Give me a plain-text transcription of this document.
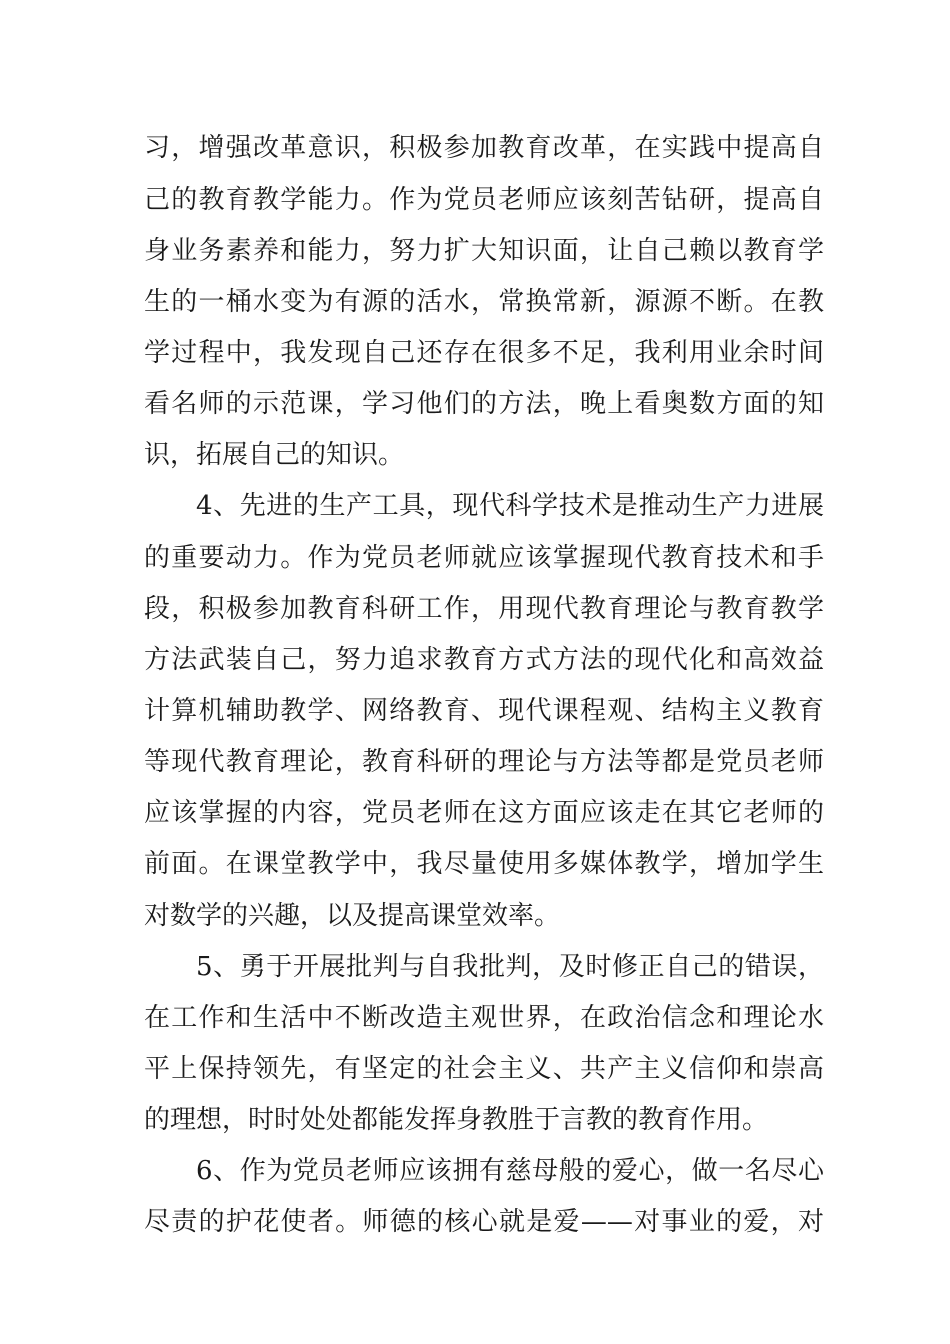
习，增强改革意识，积极参加教育改革，在实践中提高自
己的教育教学能力。作为党员老师应该刻苦钻研，提高自
身业务素养和能力，努力扩大知识面，让自己赖以教育学
生的一桶水变为有源的活水，常换常新，源源不断。在教
学过程中，我发现自己还存在很多不足，我利用业余时间
看名师的示范课，学习他们的方法，晚上看奥数方面的知
识，拓展自己的知识。
4、先进的生产工具，现代科学技术是推动生产力进展
的重要动力。作为党员老师就应该掌握现代教育技术和手
段，积极参加教育科研工作，用现代教育理论与教育教学
方法武装自己，努力追求教育方式方法的现代化和高效益
计算机辅助教学、网络教育、现代课程观、结构主义教育
等现代教育理论，教育科研的理论与方法等都是党员老师
应该掌握的内容，党员老师在这方面应该走在其它老师的
前面。在课堂教学中，我尽量使用多媒体教学，增加学生
对数学的兴趣，以及提高课堂效率。
5、勇于开展批判与自我批判，及时修正自己的错误，
在工作和生活中不断改造主观世界，在政治信念和理论水
平上保持领先，有坚定的社会主义、共产主义信仰和崇高
的理想，时时处处都能发挥身教胜于言教的教育作用。
6、作为党员老师应该拥有慈母般的爱心，做一名尽心
尽责的护花使者。师德的核心就是爱——对事业的爱，对
